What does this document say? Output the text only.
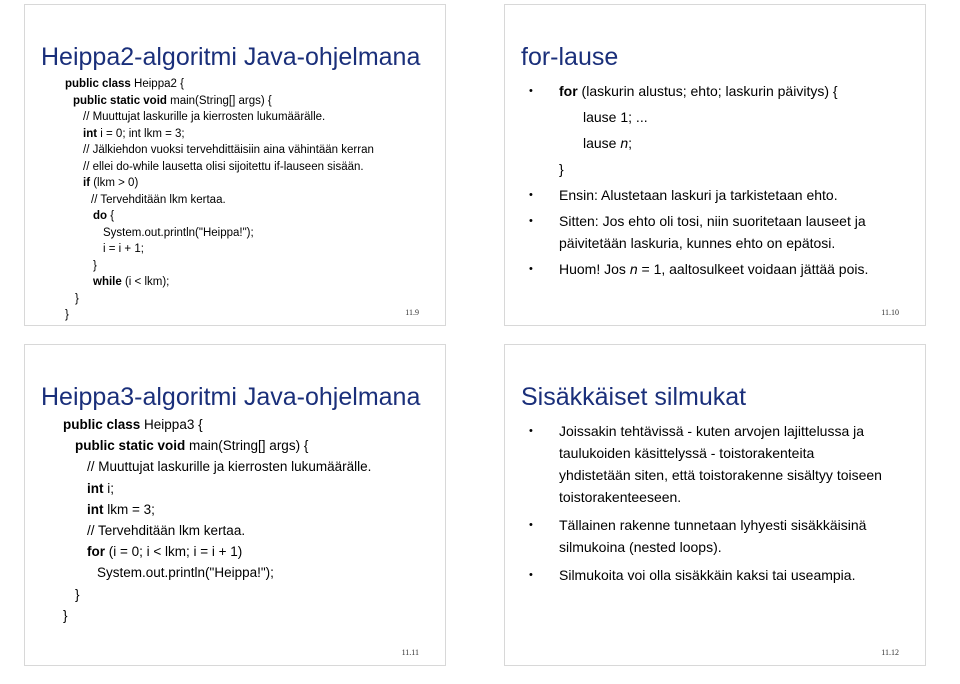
Heippa2-algoritmi Java-ohjelmana
public class Heippa2 {
public static void main(String[] args) {
// Muuttujat laskurille ja kierrosten lukumäärälle.
int i = 0; int lkm = 3;
// Jälkiehdon vuoksi tervehdittäisiin aina vähintään kerran
// ellei do-while lausetta olisi sijoitettu if-lauseen sisään.
if (lkm > 0)
// Tervehditään lkm kertaa.
do {
System.out.println("Heippa!");
i = i + 1;
}
while (i < lkm);
}
}	11.9
for-lause
• for (laskurin alustus; ehto; laskurin päivitys) {
lause 1; ...
lause n;
}
• Ensin: Alustetaan laskuri ja tarkistetaan ehto.
• Sitten: Jos ehto oli tosi, niin suoritetaan lauseet ja
päivitetään laskuria, kunnes ehto on epätosi.
• Huom! Jos n = 1, aaltosulkeet voidaan jättää pois.
11.10
Heippa3-algoritmi Java-ohjelmana
public class Heippa3 {
public static void main(String[] args) {
// Muuttujat laskurille ja kierrosten lukumäärälle.
int i;
int lkm = 3;
// Tervehditään lkm kertaa.
for (i = 0; i < lkm; i = i + 1)
System.out.println("Heippa!");
}
}
11.11
Sisäkkäiset silmukat
• Joissakin tehtävissä - kuten arvojen lajittelussa ja
taulukoiden käsittelyssä - toistorakenteita
yhdistetään siten, että toistorakenne sisältyy toiseen
toistorakenteeseen.
• Tällainen rakenne tunnetaan lyhyesti sisäkkäisinä
silmukoina (nested loops).
• Silmukoita voi olla sisäkkäin kaksi tai useampia.
11.12
